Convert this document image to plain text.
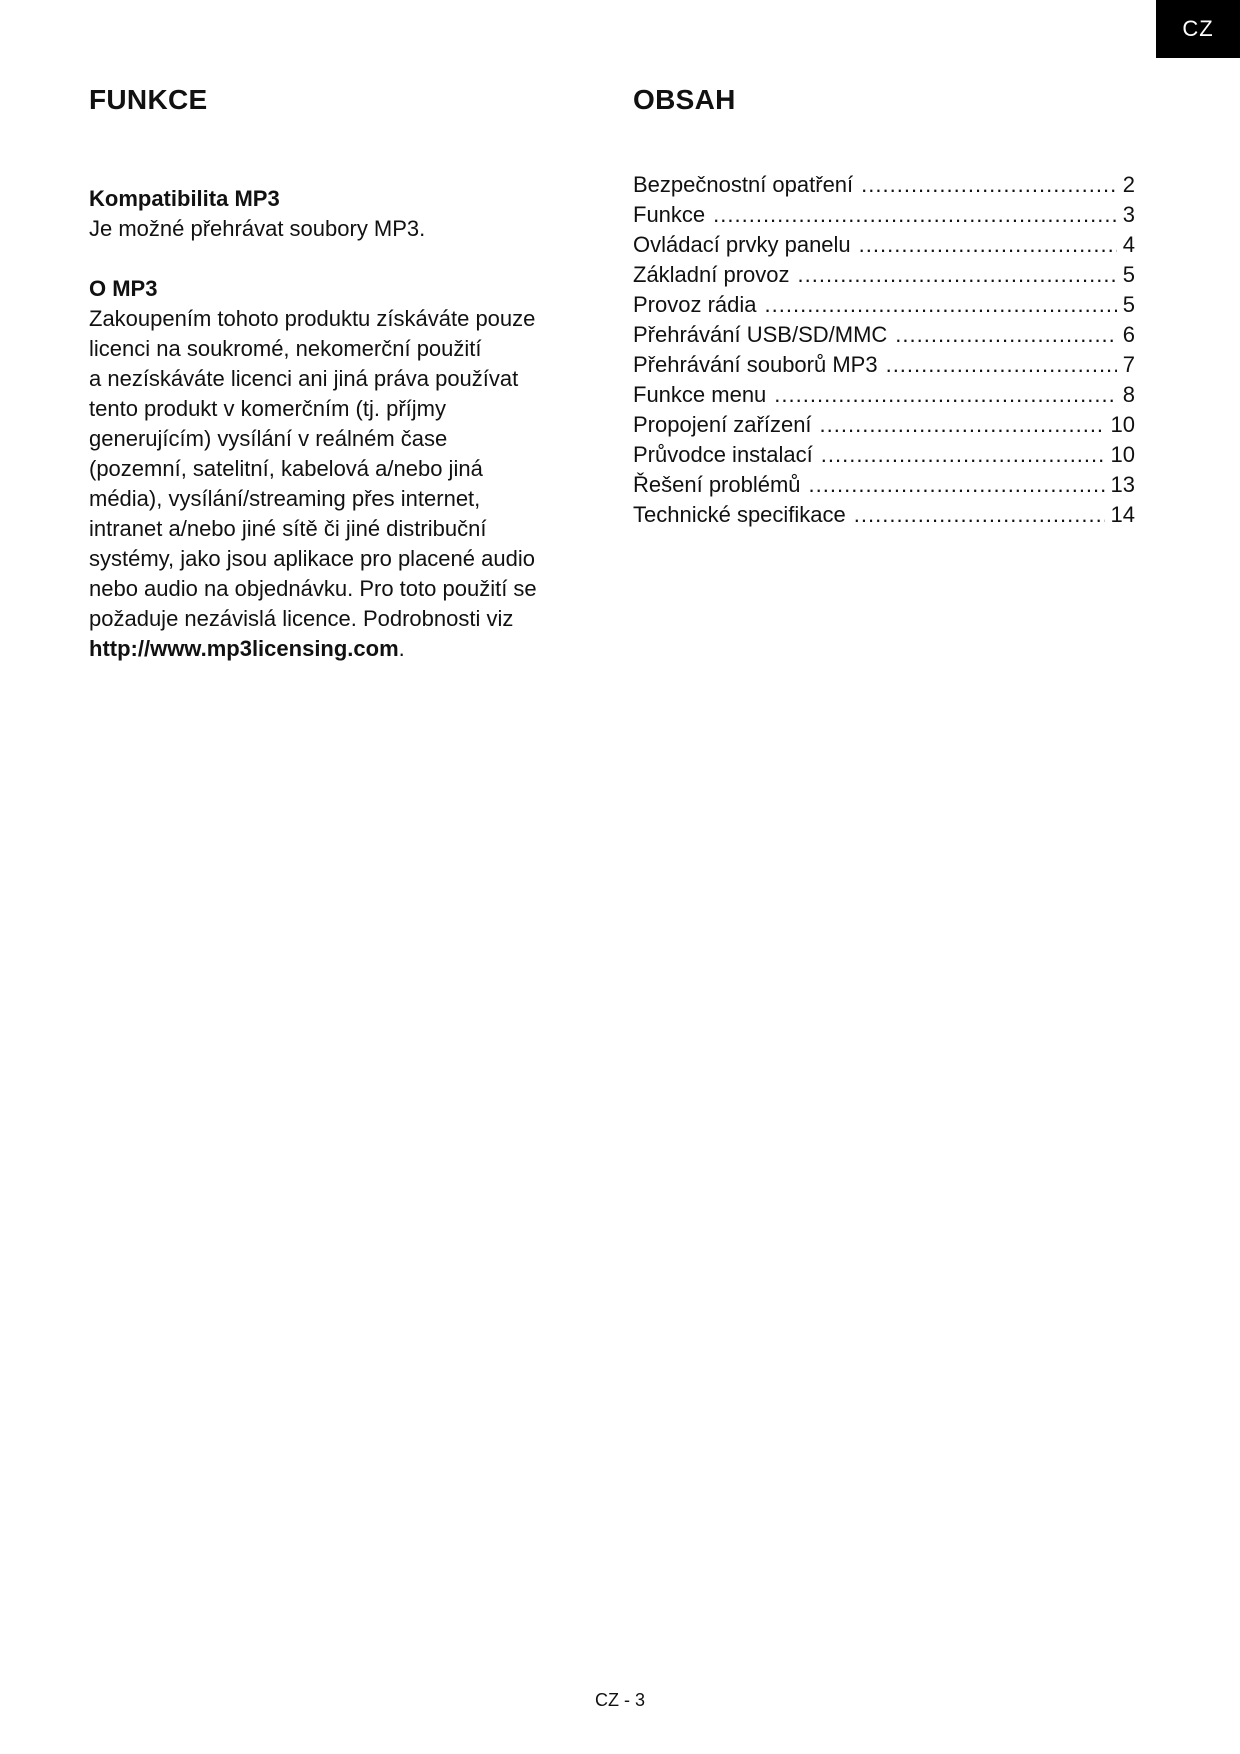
CZ
FUNKCE
Kompatibilita MP3

Je možné přehrávat soubory MP3.

O MP3
Zakoupením tohoto produktu získáváte pouze
licenci na soukromé, nekomerční použití
a nezískáváte licenci ani jiná práva používat
tento produkt v komerčním (tj. příjmy
generujícím) vysílání v reálném čase
(pozemní, satelitní, kabelová a/nebo jiná
média), vysílání/streaming přes internet,
intranet a/nebo jiné sítě či jiné distribuční
systémy, jako jsou aplikace pro placené audio
nebo audio na objednávku. Pro toto použití se
požaduje nezávislá licence. Podrobnosti viz
http://www.mp3licensing.com.
OBSAH
Bezpečnostní opatření .....	2
Funkce .....	3
Ovládací prvky panelu .....	4
Základní provoz .....	5
Provoz rádia .....	5
Přehrávání USB/SD/MMC .....	6
Přehrávání souborů MP3 .....	7
Funkce menu .....	8
Propojení zařízení .....	10
Průvodce instalací .....	10
Řešení problémů .....	13
Technické specifikace .....	14
CZ - 3
